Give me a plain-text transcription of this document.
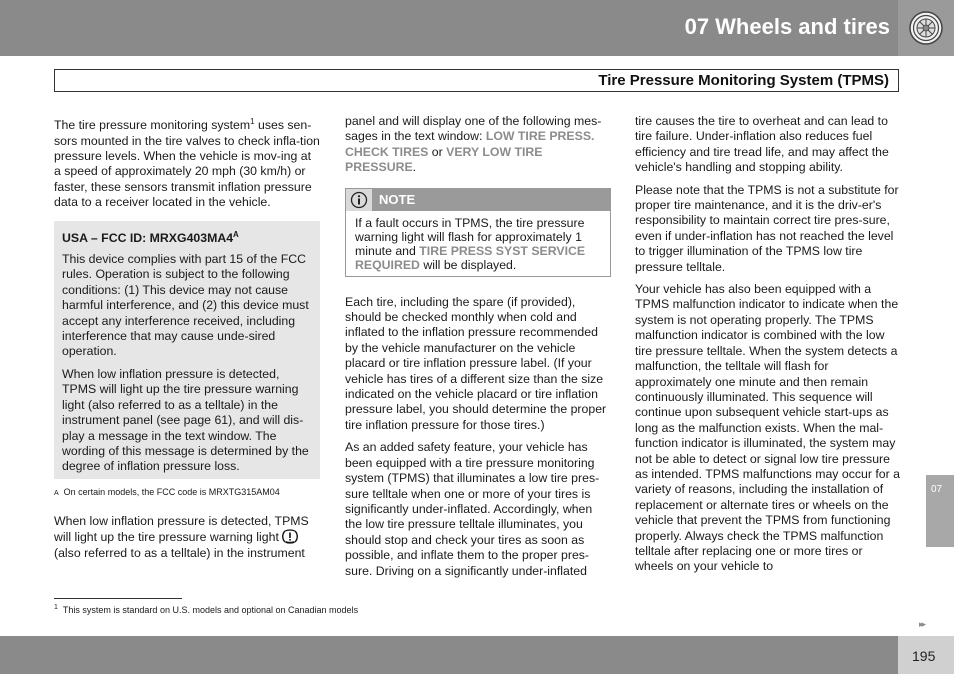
07 Wheels and tires
Tire Pressure Monitoring System (TPMS)

The tire pressure monitoring system$^1$ uses sen-sors mounted in the tire valves to check infla-tion pressure levels. When the vehicle is mov-ing at a speed of approximately 20 mph (30 km/h) or faster, these sensors transmit inflation pressure data to a receiver located in the vehicle.

USA – FCC ID: $MRXG403MA4^A$

This device complies with part 15 of the FCC rules. Operation is subject to the following conditions: (1) This device may not cause harmful interference, and (2) this device must accept any interference received, including interference that may cause unde-sired operation.

When low inflation pressure is detected, TPMS will light up the tire pressure warning light (also referred to as a telltale) in the instrument panel (see page 61), and will dis-play a message in the text window. The wording of this message is determined by the degree of inflation pressure loss.

A On certain models, the FCC code is MRXTG315AM04

When low inflation pressure is detected, TPMS will light up the tire pressure warning light  (also referred to as a telltale) in the instrument

panel and will display one of the following mes-sages in the text window: LOW TIRE PRESS. CHECK TIRES or VERY LOW TIRE PRESSURE.

NOTE
If a fault occurs in TPMS, the tire pressure warning light will flash for approximately 1 minute and TIRE PRESS SYST SERVICE REQUIRED will be displayed.

Each tire, including the spare (if provided), should be checked monthly when cold and inflated to the inflation pressure recommended by the vehicle manufacturer on the vehicle placard or tire inflation pressure label. (If your vehicle has tires of a different size than the size indicated on the vehicle placard or tire inflation pressure label, you should determine the proper tire inflation pressure for those tires.)

As an added safety feature, your vehicle has been equipped with a tire pressure monitoring system (TPMS) that illuminates a low tire pres-sure telltale when one or more of your tires is significantly under-inflated. Accordingly, when the low tire pressure telltale illuminates, you should stop and check your tires as soon as possible, and inflate them to the proper pres-sure. Driving on a significantly under-inflated

tire causes the tire to overheat and can lead to tire failure. Under-inflation also reduces fuel efficiency and tire tread life, and may affect the vehicle's handling and stopping ability.

Please note that the TPMS is not a substitute for proper tire maintenance, and it is the driv-er's responsibility to maintain correct tire pres-sure, even if under-inflation has not reached the level to trigger illumination of the TPMS low tire pressure telltale.

Your vehicle has also been equipped with a TPMS malfunction indicator to indicate when the system is not operating properly. The TPMS malfunction indicator is combined with the low tire pressure telltale. When the system detects a malfunction, the telltale will flash for approximately one minute and then remain continuously illuminated. This sequence will continue upon subsequent vehicle start-ups as long as the malfunction exists. When the mal-function indicator is illuminated, the system may not be able to detect or signal low tire pressure as intended. TPMS malfunctions may occur for a variety of reasons, including the installation of replacement or alternate tires or wheels on the vehicle that prevent the TPMS from functioning properly. Always check the TPMS malfunction telltale after replacing one or more tires or wheels on your vehicle to

$^1$ This system is standard on U.S. models and optional on Canadian models
07
▸▸
195
